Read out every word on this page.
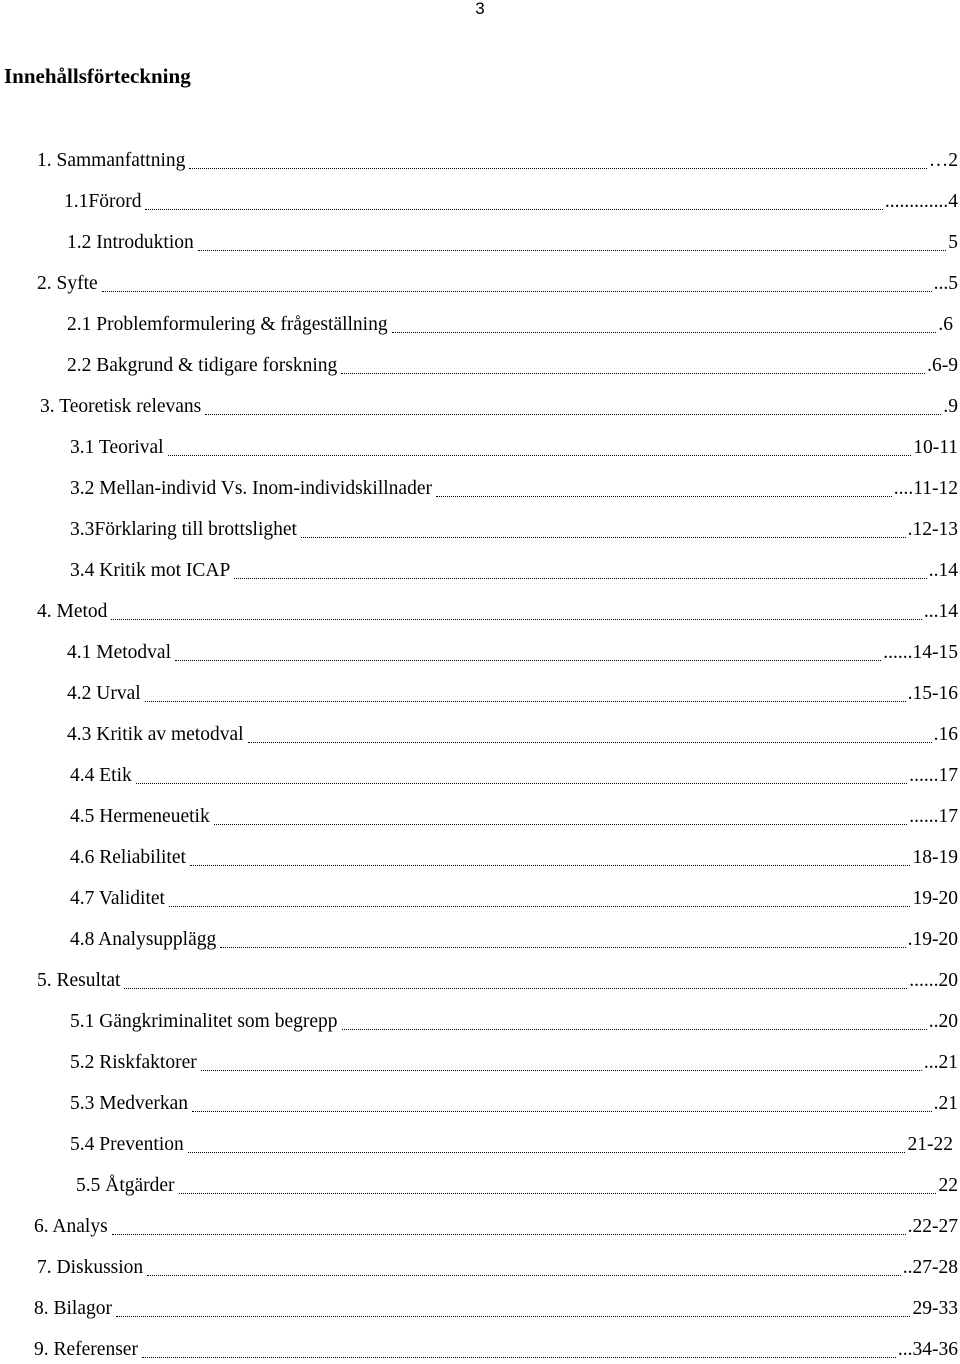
3
Innehållsförteckning
1. Sammanfattning	…2
1.1Förord	.............4
1.2 Introduktion	5
2. Syfte	...5
2.1 Problemformulering & frågeställning	.6
2.2 Bakgrund & tidigare forskning	.6-9
3. Teoretisk relevans	.9
3.1 Teorival	10-11
3.2 Mellan-individ Vs. Inom-individskillnader	....11-12
3.3Förklaring till brottslighet	.12-13
3.4 Kritik mot ICAP	..14
4. Metod	...14
4.1 Metodval	......14-15
4.2 Urval	.15-16
4.3 Kritik av metodval	.16
4.4 Etik	......17
4.5 Hermeneuetik	......17
4.6 Reliabilitet	18-19
4.7 Validitet	19-20
4.8 Analysupplägg	.19-20
5. Resultat	......20
5.1 Gängkriminalitet som begrepp	..20
5.2 Riskfaktorer	...21
5.3 Medverkan	.21
5.4 Prevention	21-22
5.5 Åtgärder	22
6. Analys	.22-27
7. Diskussion	..27-28
8. Bilagor	29-33
9. Referenser	...34-36
